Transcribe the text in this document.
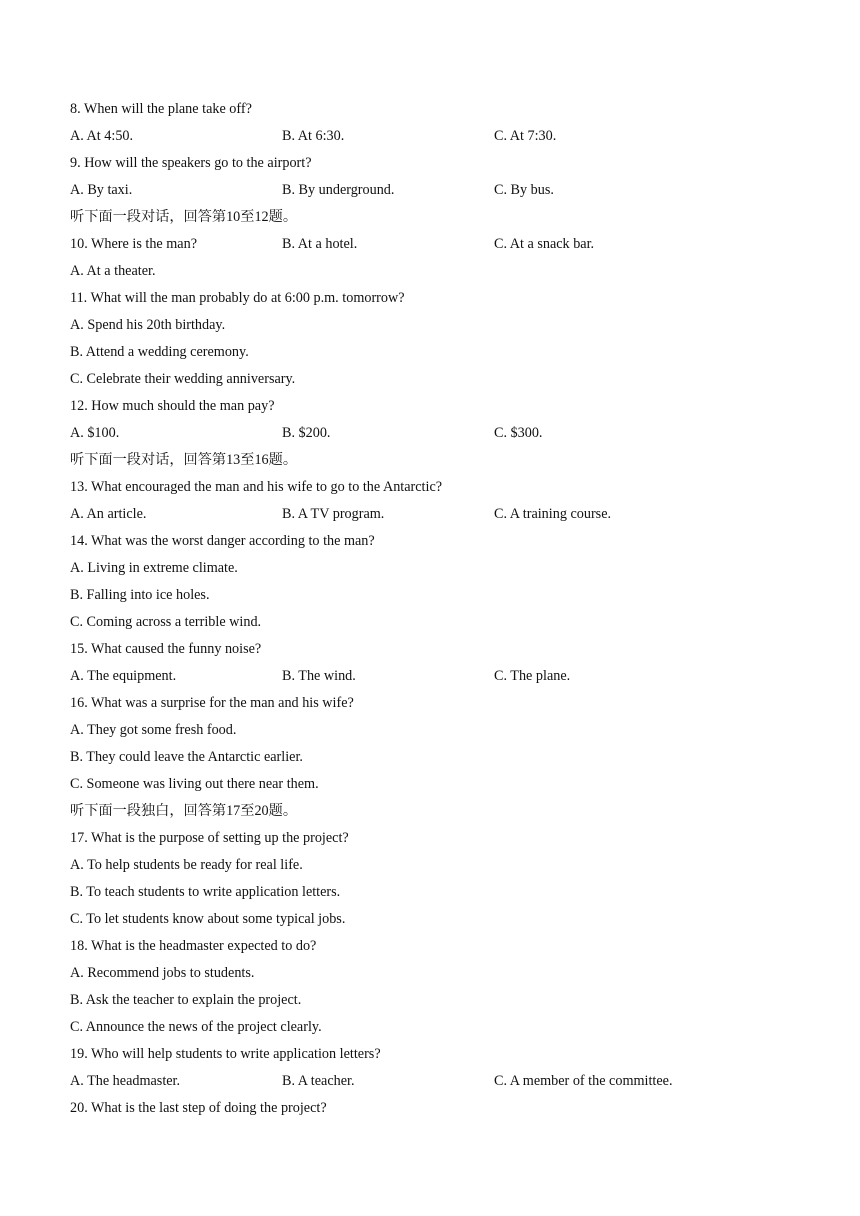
8. When will the plane take off?
A. At 4:50.	B. At 6:30.	C. At 7:30.
9. How will the speakers go to the airport?
A. By taxi.	B. By underground.	C. By bus.
听下面一段对话，回答第10至12题。
10. Where is the man?	B. At a hotel.	C. At a snack bar.
A. At a theater.
11. What will the man probably do at 6:00 p.m. tomorrow?
A. Spend his 20th birthday.
B. Attend a wedding ceremony.
C. Celebrate their wedding anniversary.
12. How much should the man pay?
A. $100.	B. $200.	C. $300.
听下面一段对话，回答第13至16题。
13. What encouraged the man and his wife to go to the Antarctic?
A. An article.	B. A TV program.	C. A training course.
14. What was the worst danger according to the man?
A. Living in extreme climate.
B. Falling into ice holes.
C. Coming across a terrible wind.
15. What caused the funny noise?
A. The equipment.	B. The wind.	C. The plane.
16. What was a surprise for the man and his wife?
A. They got some fresh food.
B. They could leave the Antarctic earlier.
C. Someone was living out there near them.
听下面一段独白，回答第17至20题。
17. What is the purpose of setting up the project?
A. To help students be ready for real life.
B. To teach students to write application letters.
C. To let students know about some typical jobs.
18. What is the headmaster expected to do?
A. Recommend jobs to students.
B. Ask the teacher to explain the project.
C. Announce the news of the project clearly.
19. Who will help students to write application letters?
A. The headmaster.	B. A teacher.	C. A member of the committee.
20. What is the last step of doing the project?
